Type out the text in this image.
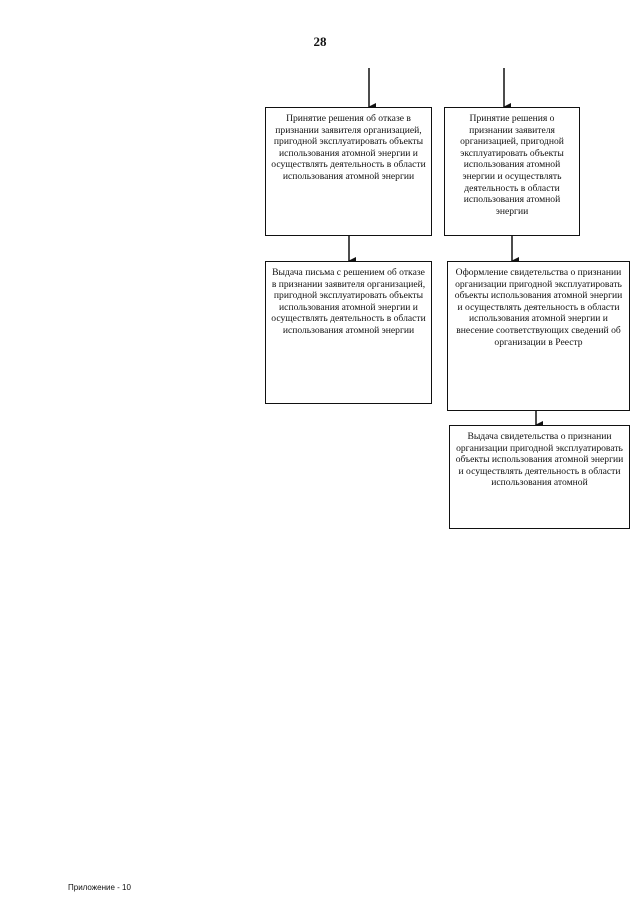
28
Принятие решения об отказе в признании заявителя организацией, пригодной эксплуатировать объекты использования атомной энергии и осуществлять деятельность в области использования атомной энергии
Принятие решения о признании заявителя организацией, пригодной эксплуатировать объекты использования атомной энергии и осуществлять деятельность в области использования атомной энергии
Выдача письма с решением об отказе в признании заявителя организацией, пригодной эксплуатировать объекты использования атомной энергии и осуществлять деятельность в области использования атомной энергии
Оформление свидетельства о признании организации пригодной эксплуатировать объекты использования атомной энергии и осуществлять деятельность в области использования атомной энергии и внесение соответствующих сведений об организации в Реестр
Выдача свидетельства о признании организации пригодной эксплуатировать объекты использования атомной энергии и осуществлять деятельность в области использования атомной
Приложение - 10
